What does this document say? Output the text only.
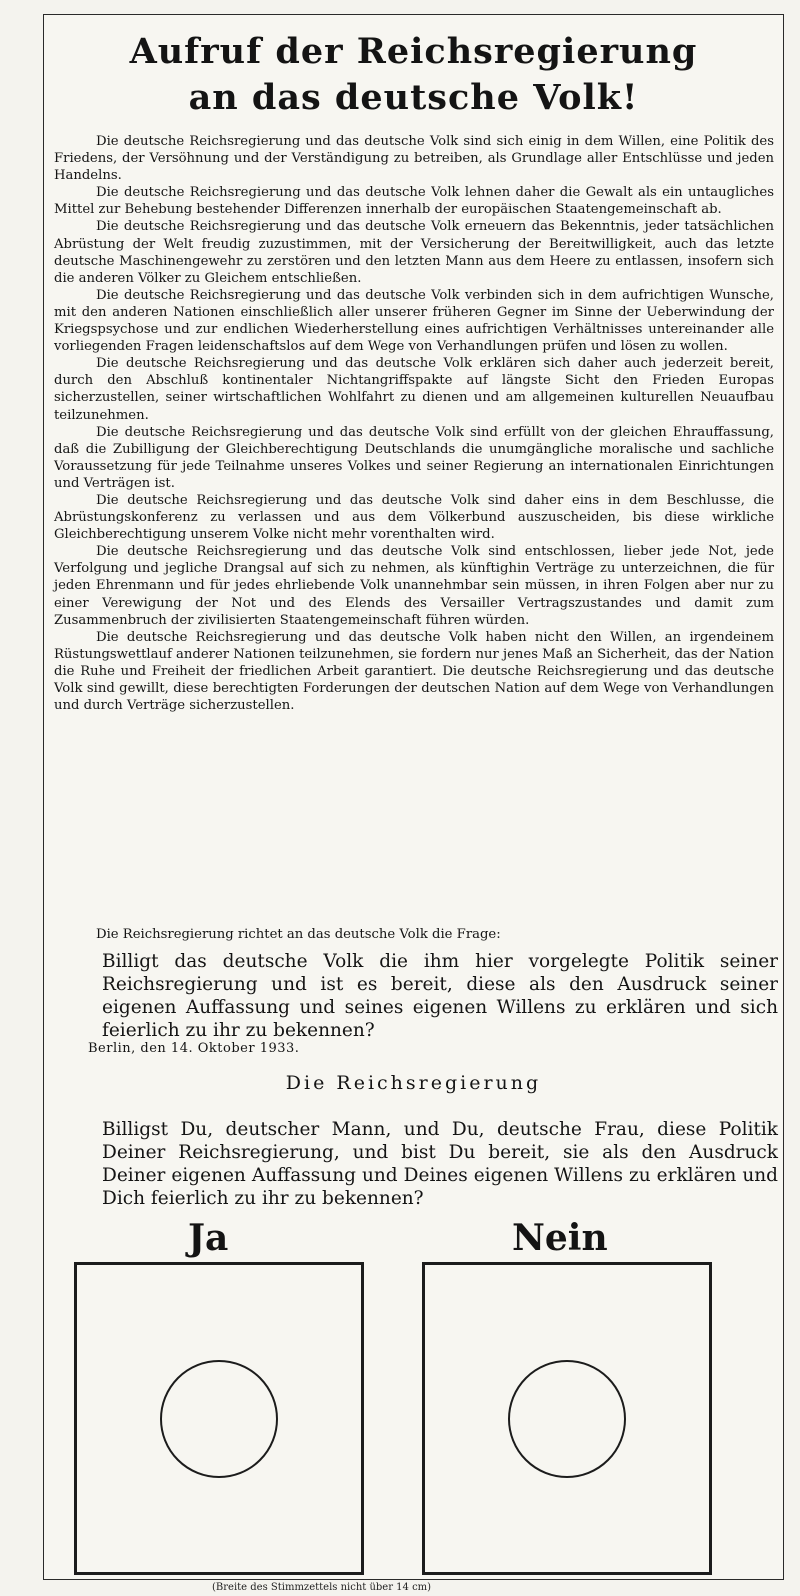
Aufruf der Reichsregierung
an das deutsche Volk!

Die deutsche Reichsregierung und das deutsche Volk sind sich einig in dem Willen, eine Politik des Friedens, der Versöhnung und der Verständigung zu betreiben, als Grundlage aller Entschlüsse und jeden Handelns.

Die deutsche Reichsregierung und das deutsche Volk lehnen daher die Gewalt als ein untaugliches Mittel zur Behebung bestehender Differenzen innerhalb der europäischen Staatengemeinschaft ab.

Die deutsche Reichsregierung und das deutsche Volk erneuern das Bekenntnis, jeder tatsächlichen Abrüstung der Welt freudig zuzustimmen, mit der Versicherung der Bereitwilligkeit, auch das letzte deutsche Maschinengewehr zu zerstören und den letzten Mann aus dem Heere zu entlassen, insofern sich die anderen Völker zu Gleichem entschließen.

Die deutsche Reichsregierung und das deutsche Volk verbinden sich in dem aufrichtigen Wunsche, mit den anderen Nationen einschließlich aller unserer früheren Gegner im Sinne der Ueberwindung der Kriegspsychose und zur endlichen Wiederherstellung eines aufrichtigen Verhältnisses untereinander alle vorliegenden Fragen leidenschaftslos auf dem Wege von Verhandlungen prüfen und lösen zu wollen.

Die deutsche Reichsregierung und das deutsche Volk erklären sich daher auch jederzeit bereit, durch den Abschluß kontinentaler Nichtangriffspakte auf längste Sicht den Frieden Europas sicherzustellen, seiner wirtschaftlichen Wohlfahrt zu dienen und am allgemeinen kulturellen Neuaufbau teilzunehmen.

Die deutsche Reichsregierung und das deutsche Volk sind erfüllt von der gleichen Ehrauffassung, daß die Zubilligung der Gleichberechtigung Deutschlands die unumgängliche moralische und sachliche Voraussetzung für jede Teilnahme unseres Volkes und seiner Regierung an internationalen Einrichtungen und Verträgen ist.

Die deutsche Reichsregierung und das deutsche Volk sind daher eins in dem Beschlusse, die Abrüstungskonferenz zu verlassen und aus dem Völkerbund auszuscheiden, bis diese wirkliche Gleichberechtigung unserem Volke nicht mehr vorenthalten wird.

Die deutsche Reichsregierung und das deutsche Volk sind entschlossen, lieber jede Not, jede Verfolgung und jegliche Drangsal auf sich zu nehmen, als künftighin Verträge zu unterzeichnen, die für jeden Ehrenmann und für jedes ehrliebende Volk unannehmbar sein müssen, in ihren Folgen aber nur zu einer Verewigung der Not und des Elends des Versailler Vertragszustandes und damit zum Zusammenbruch der zivilisierten Staatengemeinschaft führen würden.

Die deutsche Reichsregierung und das deutsche Volk haben nicht den Willen, an irgendeinem Rüstungswettlauf anderer Nationen teilzunehmen, sie fordern nur jenes Maß an Sicherheit, das der Nation die Ruhe und Freiheit der friedlichen Arbeit garantiert. Die deutsche Reichsregierung und das deutsche Volk sind gewillt, diese berechtigten Forderungen der deutschen Nation auf dem Wege von Verhandlungen und durch Verträge sicherzustellen.

Die Reichsregierung richtet an das deutsche Volk die Frage:
Billigt das deutsche Volk die ihm hier vorgelegte Politik seiner Reichsregierung und ist es bereit, diese als den Ausdruck seiner eigenen Auffassung und seines eigenen Willens zu erklären und sich feierlich zu ihr zu bekennen?
Berlin, den 14. Oktober 1933.
Die Reichsregierung
Billigst Du, deutscher Mann, und Du, deutsche Frau, diese Politik Deiner Reichsregierung, und bist Du bereit, sie als den Ausdruck Deiner eigenen Auffassung und Deines eigenen Willens zu erklären und Dich feierlich zu ihr zu bekennen?
Ja	Nein
(Breite des Stimmzettels nicht über 14 cm)
